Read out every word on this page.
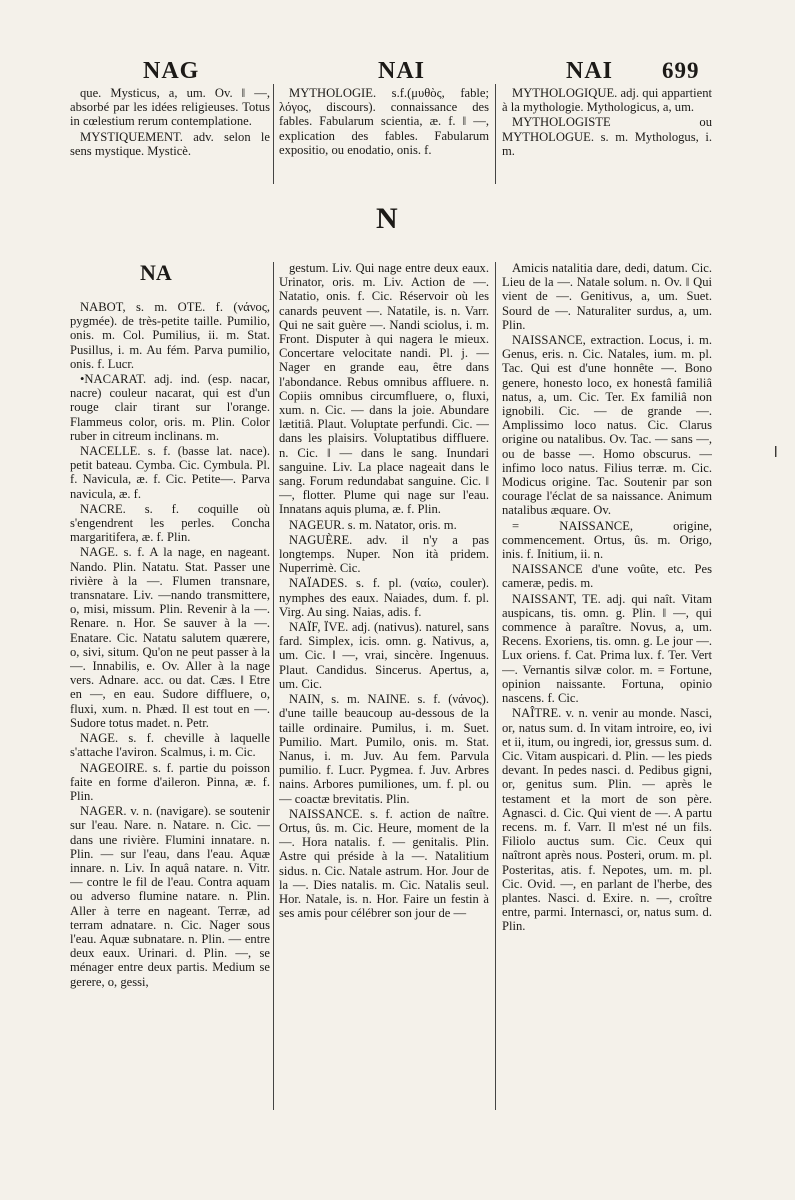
NAG	NAI	NAI 699

que. Mysticus, a, um. Ov. ‖ —, absorbé par les idées religieuses. Totus in cœlestium rerum contemplatione.

MYSTIQUEMENT. adv. selon le sens mystique. Mysticè.

MYTHOLOGIE. s.f.(μυθὸς, fable; λόγος, discours). connaissance des fables. Fabularum scientia, æ. f. ‖ —, explication des fables. Fabularum expositio, ou enodatio, onis. f.

MYTHOLOGIQUE. adj. qui appartient à la mythologie. Mythologicus, a, um.

MYTHOLOGISTE ou MYTHOLOGUE. s. m. Mythologus, i. m.

N
NA

NABOT, s. m. OTE. f. (νάνος, pygmée). de très-petite taille. Pumilio, onis. m. Col. Pumilius, ii. m. Stat. Pusillus, i. m. Au fém. Parva pumilio, onis. f. Lucr.

•NACARAT. adj. ind. (esp. nacar, nacre) couleur nacarat, qui est d'un rouge clair tirant sur l'orange. Flammeus color, oris. m. Plin. Color ruber in citreum inclinans. m.

NACELLE. s. f. (basse lat. nace). petit bateau. Cymba. Cic. Cymbula. Pl. f. Navicula, æ. f. Cic. Petite—. Parva navicula, æ. f.

NACRE. s. f. coquille où s'engendrent les perles. Concha margaritifera, æ. f. Plin.

NAGE. s. f. A la nage, en nageant. Nando. Plin. Natatu. Stat. Passer une rivière à la —. Flumen transnare, transnatare. Liv. —nando transmittere, o, misi, missum. Plin. Revenir à la —. Renare. n. Hor. Se sauver à la —. Enatare. Cic. Natatu salutem quærere, o, sivi, situm. Qu'on ne peut passer à la —. Innabilis, e. Ov. Aller à la nage vers. Adnare. acc. ou dat. Cæs. ‖ Etre en —, en eau. Sudore diffluere, o, fluxi, xum. n. Phæd. Il est tout en —. Sudore totus madet. n. Petr.

NAGE. s. f. cheville à laquelle s'attache l'aviron. Scalmus, i. m. Cic.

NAGEOIRE. s. f. partie du poisson faite en forme d'aileron. Pinna, æ. f. Plin.

NAGER. v. n. (navigare). se soutenir sur l'eau. Nare. n. Natare. n. Cic. — dans une rivière. Flumini innatare. n. Plin. — sur l'eau, dans l'eau. Aquæ innare. n. Liv. In aquâ natare. n. Vitr. — contre le fil de l'eau. Contra aquam ou adverso flumine natare. n. Plin. Aller à terre en nageant. Terræ, ad terram adnatare. n. Cic. Nager sous l'eau. Aquæ subnatare. n. Plin. — entre deux eaux. Urinari. d. Plin. —, se ménager entre deux partis. Medium se gerere, o, gessi,

gestum. Liv. Qui nage entre deux eaux. Urinator, oris. m. Liv. Action de —. Natatio, onis. f. Cic. Réservoir où les canards peuvent —. Natatile, is. n. Varr. Qui ne sait guère —. Nandi sciolus, i. m. Front. Disputer à qui nagera le mieux. Concertare velocitate nandi. Pl. j. — Nager en grande eau, être dans l'abondance. Rebus omnibus affluere. n. Copiis omnibus circumfluere, o, fluxi, xum. n. Cic. — dans la joie. Abundare lætitiâ. Plaut. Voluptate perfundi. Cic. — dans les plaisirs. Voluptatibus diffluere. n. Cic. ‖ — dans le sang. Inundari sanguine. Liv. La place nageait dans le sang. Forum redundabat sanguine. Cic. ‖—, flotter. Plume qui nage sur l'eau. Innatans aquis pluma, æ. f. Plin.

NAGEUR. s. m. Natator, oris. m.

NAGUÈRE. adv. il n'y a pas longtemps. Nuper. Non ità pridem. Nuperrimè. Cic.

NAÏADES. s. f. pl. (ναίω, couler). nymphes des eaux. Naiades, dum. f. pl. Virg. Au sing. Naias, adis. f.

NAÏF, ÏVE. adj. (nativus). naturel, sans fard. Simplex, icis. omn. g. Nativus, a, um. Cic. ‖ —, vrai, sincère. Ingenuus. Plaut. Candidus. Sincerus. Apertus, a, um. Cic.

NAIN, s. m. NAINE. s. f. (νάνος). d'une taille beaucoup au-dessous de la taille ordinaire. Pumilus, i. m. Suet. Pumilio. Mart. Pumilo, onis. m. Stat. Nanus, i. m. Juv. Au fem. Parvula pumilio. f. Lucr. Pygmea. f. Juv. Arbres nains. Arbores pumiliones, um. f. pl. ou — coactæ brevitatis. Plin.

NAISSANCE. s. f. action de naître. Ortus, ûs. m. Cic. Heure, moment de la —. Hora natalis. f. — genitalis. Plin. Astre qui préside à la —. Natalitium sidus. n. Cic. Natale astrum. Hor. Jour de la —. Dies natalis. m. Cic. Natalis seul. Hor. Natale, is. n. Hor. Faire un festin à ses amis pour célébrer son jour de —

Amicis natalitia dare, dedi, datum. Cic. Lieu de la —. Natale solum. n. Ov. ‖ Qui vient de —. Genitivus, a, um. Suet. Sourd de —. Naturaliter surdus, a, um. Plin.

NAISSANCE, extraction. Locus, i. m. Genus, eris. n. Cic. Natales, ium. m. pl. Tac. Qui est d'une honnête —. Bono genere, honesto loco, ex honestâ familiâ natus, a, um. Cic. Ter. Ex familiâ non ignobili. Cic. — de grande —. Amplissimo loco natus. Cic. Clarus origine ou natalibus. Ov. Tac. — sans —, ou de basse —. Homo obscurus. — infimo loco natus. Filius terræ. m. Cic. Modicus origine. Tac. Soutenir par son courage l'éclat de sa naissance. Animum natalibus æquare. Ov.

= NAISSANCE, origine, commencement. Ortus, ûs. m. Origo, inis. f. Initium, ii. n.

NAISSANCE d'une voûte, etc. Pes cameræ, pedis. m.

NAISSANT, TE. adj. qui naît. Vitam auspicans, tis. omn. g. Plin. ‖ —, qui commence à paraître. Novus, a, um. Recens. Exoriens, tis. omn. g. Le jour —. Lux oriens. f. Cat. Prima lux. f. Ter. Vert —. Vernantis silvæ color. m. = Fortune, opinion naissante. Fortuna, opinio nascens. f. Cic.

NAÎTRE. v. n. venir au monde. Nasci, or, natus sum. d. In vitam introire, eo, ivi et ii, itum, ou ingredi, ior, gressus sum. d. Cic. Vitam auspicari. d. Plin. — les pieds devant. In pedes nasci. d. Pedibus gigni, or, genitus sum. Plin. — après le testament et la mort de son père. Agnasci. d. Cic. Qui vient de —. A partu recens. m. f. Varr. Il m'est né un fils. Filiolo auctus sum. Cic. Ceux qui naîtront après nous. Posteri, orum. m. pl. Posteritas, atis. f. Nepotes, um. m. pl. Cic. Ovid. —, en parlant de l'herbe, des plantes. Nasci. d. Exire. n. —, croître entre, parmi. Internasci, or, natus sum. d. Plin.

ǀ
